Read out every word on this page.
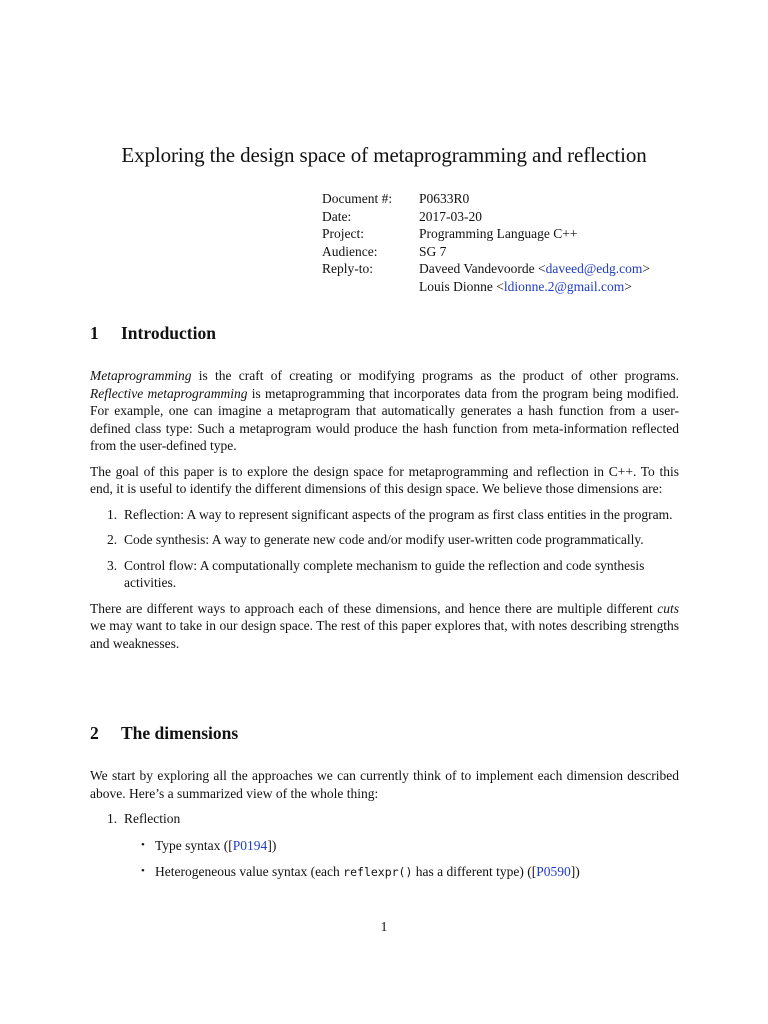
Exploring the design space of metaprogramming and reflection
Document #:	P0633R0
Date:	2017-03-20
Project:	Programming Language C++
Audience:	SG 7
Reply-to:	Daveed Vandevoorde <daveed@edg.com>
Louis Dionne <ldionne.2@gmail.com>
1 Introduction

Metaprogramming is the craft of creating or modifying programs as the product of other programs. Reflective metaprogramming is metaprogramming that incorporates data from the program being modified. For example, one can imagine a metaprogram that automatically generates a hash function from a user-defined class type: Such a metaprogram would produce the hash function from meta-information reflected from the user-defined type.

The goal of this paper is to explore the design space for metaprogramming and reflection in C++. To this end, it is useful to identify the different dimensions of this design space. We believe those dimensions are:

1. Reflection: A way to represent significant aspects of the program as first class entities in the program.
2. Code synthesis: A way to generate new code and/or modify user-written code programmatically.
3. Control flow: A computationally complete mechanism to guide the reflection and code synthesis activities.

There are different ways to approach each of these dimensions, and hence there are multiple different cuts we may want to take in our design space. The rest of this paper explores that, with notes describing strengths and weaknesses.

2 The dimensions

We start by exploring all the approaches we can currently think of to implement each dimension described above. Here’s a summarized view of the whole thing:

1. Reflection
• Type syntax ([P0194])
• Heterogeneous value syntax (each reflexpr() has a different type) ([P0590])
1
